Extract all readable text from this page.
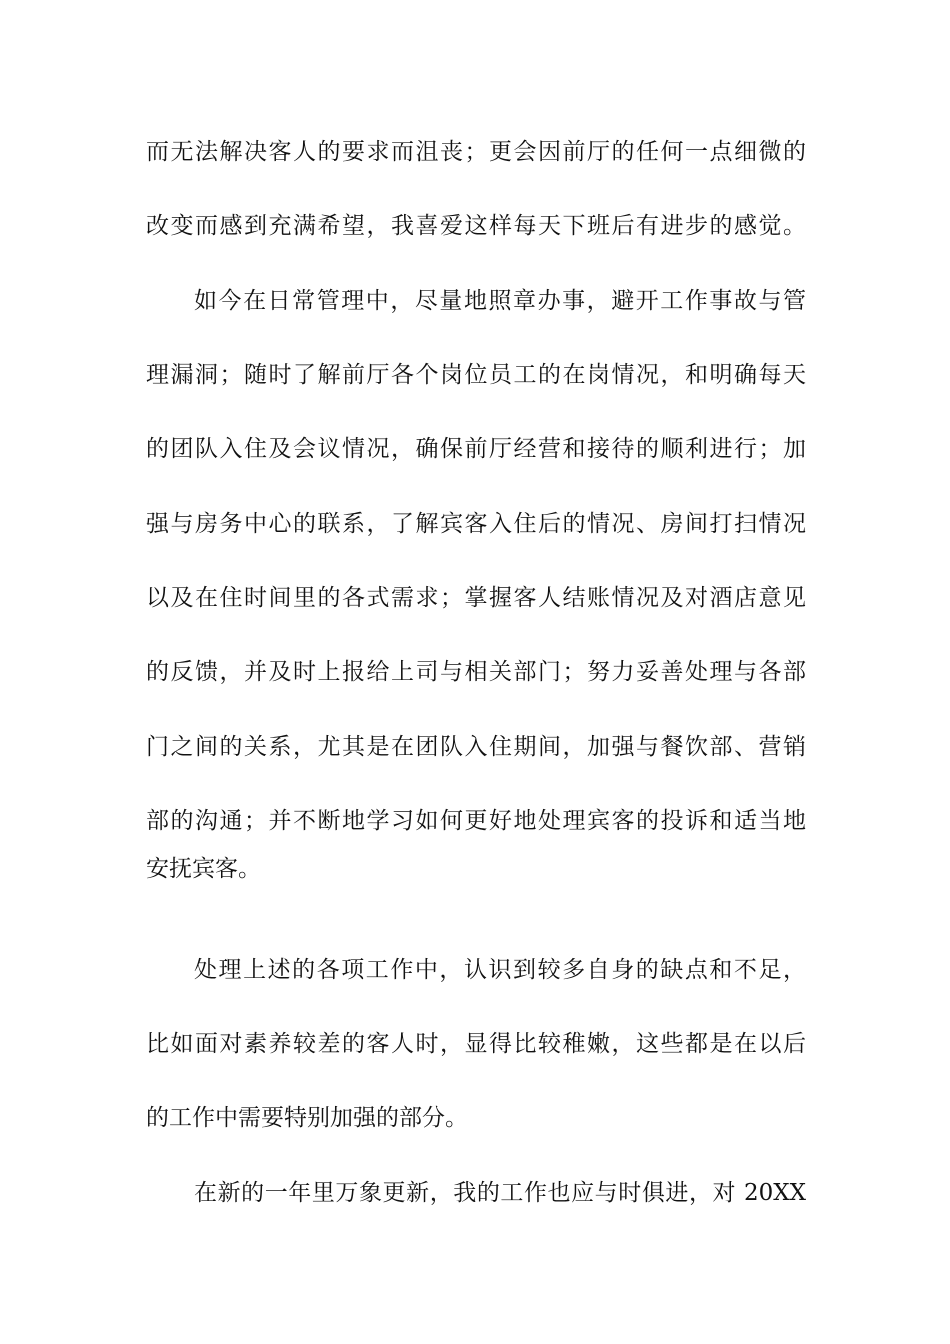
而无法解决客人的要求而沮丧；更会因前厅的任何一点细微的
改变而感到充满希望，我喜爱这样每天下班后有进步的感觉。
如今在日常管理中，尽量地照章办事，避开工作事故与管
理漏洞；随时了解前厅各个岗位员工的在岗情况，和明确每天
的团队入住及会议情况，确保前厅经营和接待的顺利进行；加
强与房务中心的联系，了解宾客入住后的情况、房间打扫情况
以及在住时间里的各式需求；掌握客人结账情况及对酒店意见
的反馈，并及时上报给上司与相关部门；努力妥善处理与各部
门之间的关系，尤其是在团队入住期间，加强与餐饮部、营销
部的沟通；并不断地学习如何更好地处理宾客的投诉和适当地
安抚宾客。
处理上述的各项工作中，认识到较多自身的缺点和不足，
比如面对素养较差的客人时，显得比较稚嫩，这些都是在以后
的工作中需要特别加强的部分。
在新的一年里万象更新，我的工作也应与时俱进，对 20XX
